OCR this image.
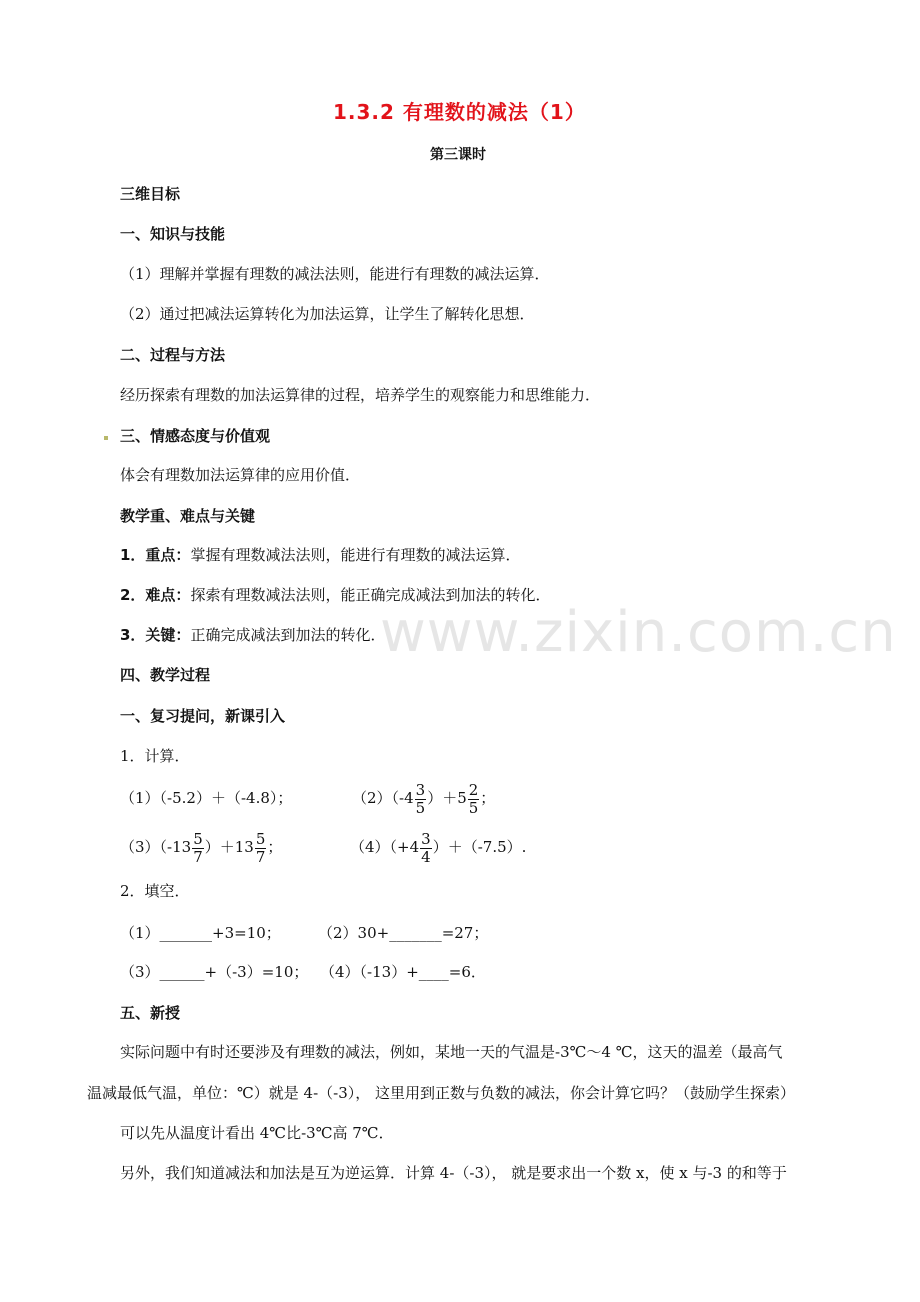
www.zixin.com.cn
1.3.2 有理数的减法（1）
第三课时
三维目标
一、知识与技能
（1）理解并掌握有理数的减法法则，能进行有理数的减法运算．
（2）通过把减法运算转化为加法运算，让学生了解转化思想．
二、过程与方法
经历探索有理数的加法运算律的过程，培养学生的观察能力和思维能力．
三、情感态度与价值观
体会有理数加法运算律的应用价值．
教学重、难点与关键
1．重点：掌握有理数减法法则，能进行有理数的减法运算．
2．难点：探索有理数减法法则，能正确完成减法到加法的转化．
3．关键：正确完成减法到加法的转化．
四、教学过程
一、复习提问，新课引入
1．计算．
（1）（-5.2）＋（-4.8）；	$(2)(-4 \frac{3}{5} )+5 \frac{2}{5}$ ；
$(3)(-13 \frac{5}{7} )+13 \frac{5}{7}$ ；	$(4)(+4 \frac{3}{4} )+(-7.5)$.
2．填空．
（1）_______+3=10； （2）30+_______=27；
（3）______+（-3）=10； （4）（-13）+____=6．
五、新授
实际问题中有时还要涉及有理数的减法，例如，某地一天的气温是-3℃～4 ℃，这天的温差（最高气
温减最低气温，单位：℃）就是 4-（-3）， 这里用到正数与负数的减法，你会计算它吗？（鼓励学生探索）
可以先从温度计看出 4℃比-3℃高 7℃．
另外，我们知道减法和加法是互为逆运算．计算 4-（-3）， 就是要求出一个数 x，使 x 与-3 的和等于
